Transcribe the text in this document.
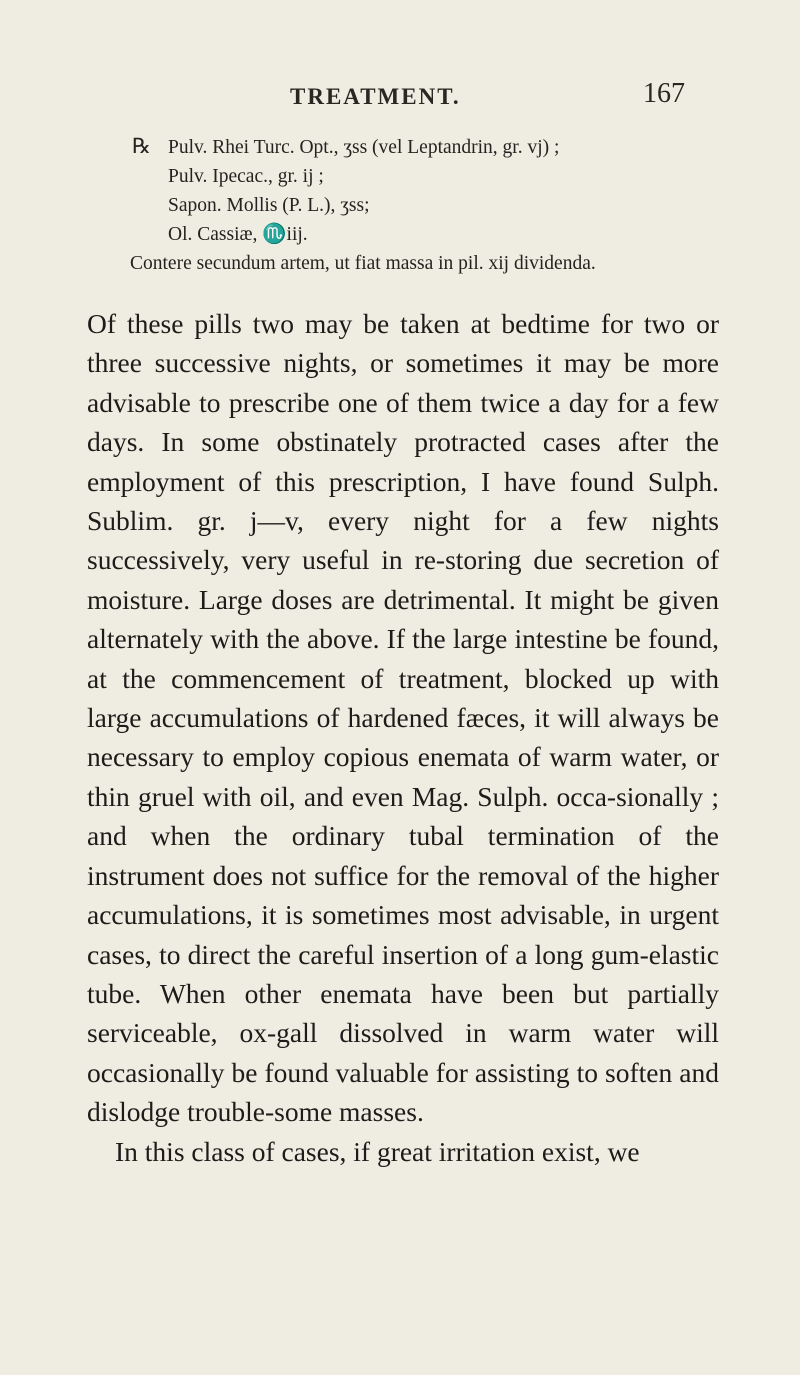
TREATMENT.	167
℞ Pulv. Rhei Turc. Opt., ʒss (vel Leptandrin, gr. vj) ;
Pulv. Ipecac., gr. ij ;
Sapon. Mollis (P. L.), ʒss;
Ol. Cassiæ, ♏iij.
Contere secundum artem, ut fiat massa in pil. xij dividenda.

Of these pills two may be taken at bedtime for two or three successive nights, or sometimes it may be more advisable to prescribe one of them twice a day for a few days. In some obstinately protracted cases after the employment of this prescription, I have found Sulph. Sublim. gr. j—v, every night for a few nights successively, very useful in re-storing due secretion of moisture. Large doses are detrimental. It might be given alternately with the above. If the large intestine be found, at the commencement of treatment, blocked up with large accumulations of hardened fæces, it will always be necessary to employ copious enemata of warm water, or thin gruel with oil, and even Mag. Sulph. occa-sionally ; and when the ordinary tubal termination of the instrument does not suffice for the removal of the higher accumulations, it is sometimes most advisable, in urgent cases, to direct the careful insertion of a long gum-elastic tube. When other enemata have been but partially serviceable, ox-gall dissolved in warm water will occasionally be found valuable for assisting to soften and dislodge trouble-some masses.

In this class of cases, if great irritation exist, we
